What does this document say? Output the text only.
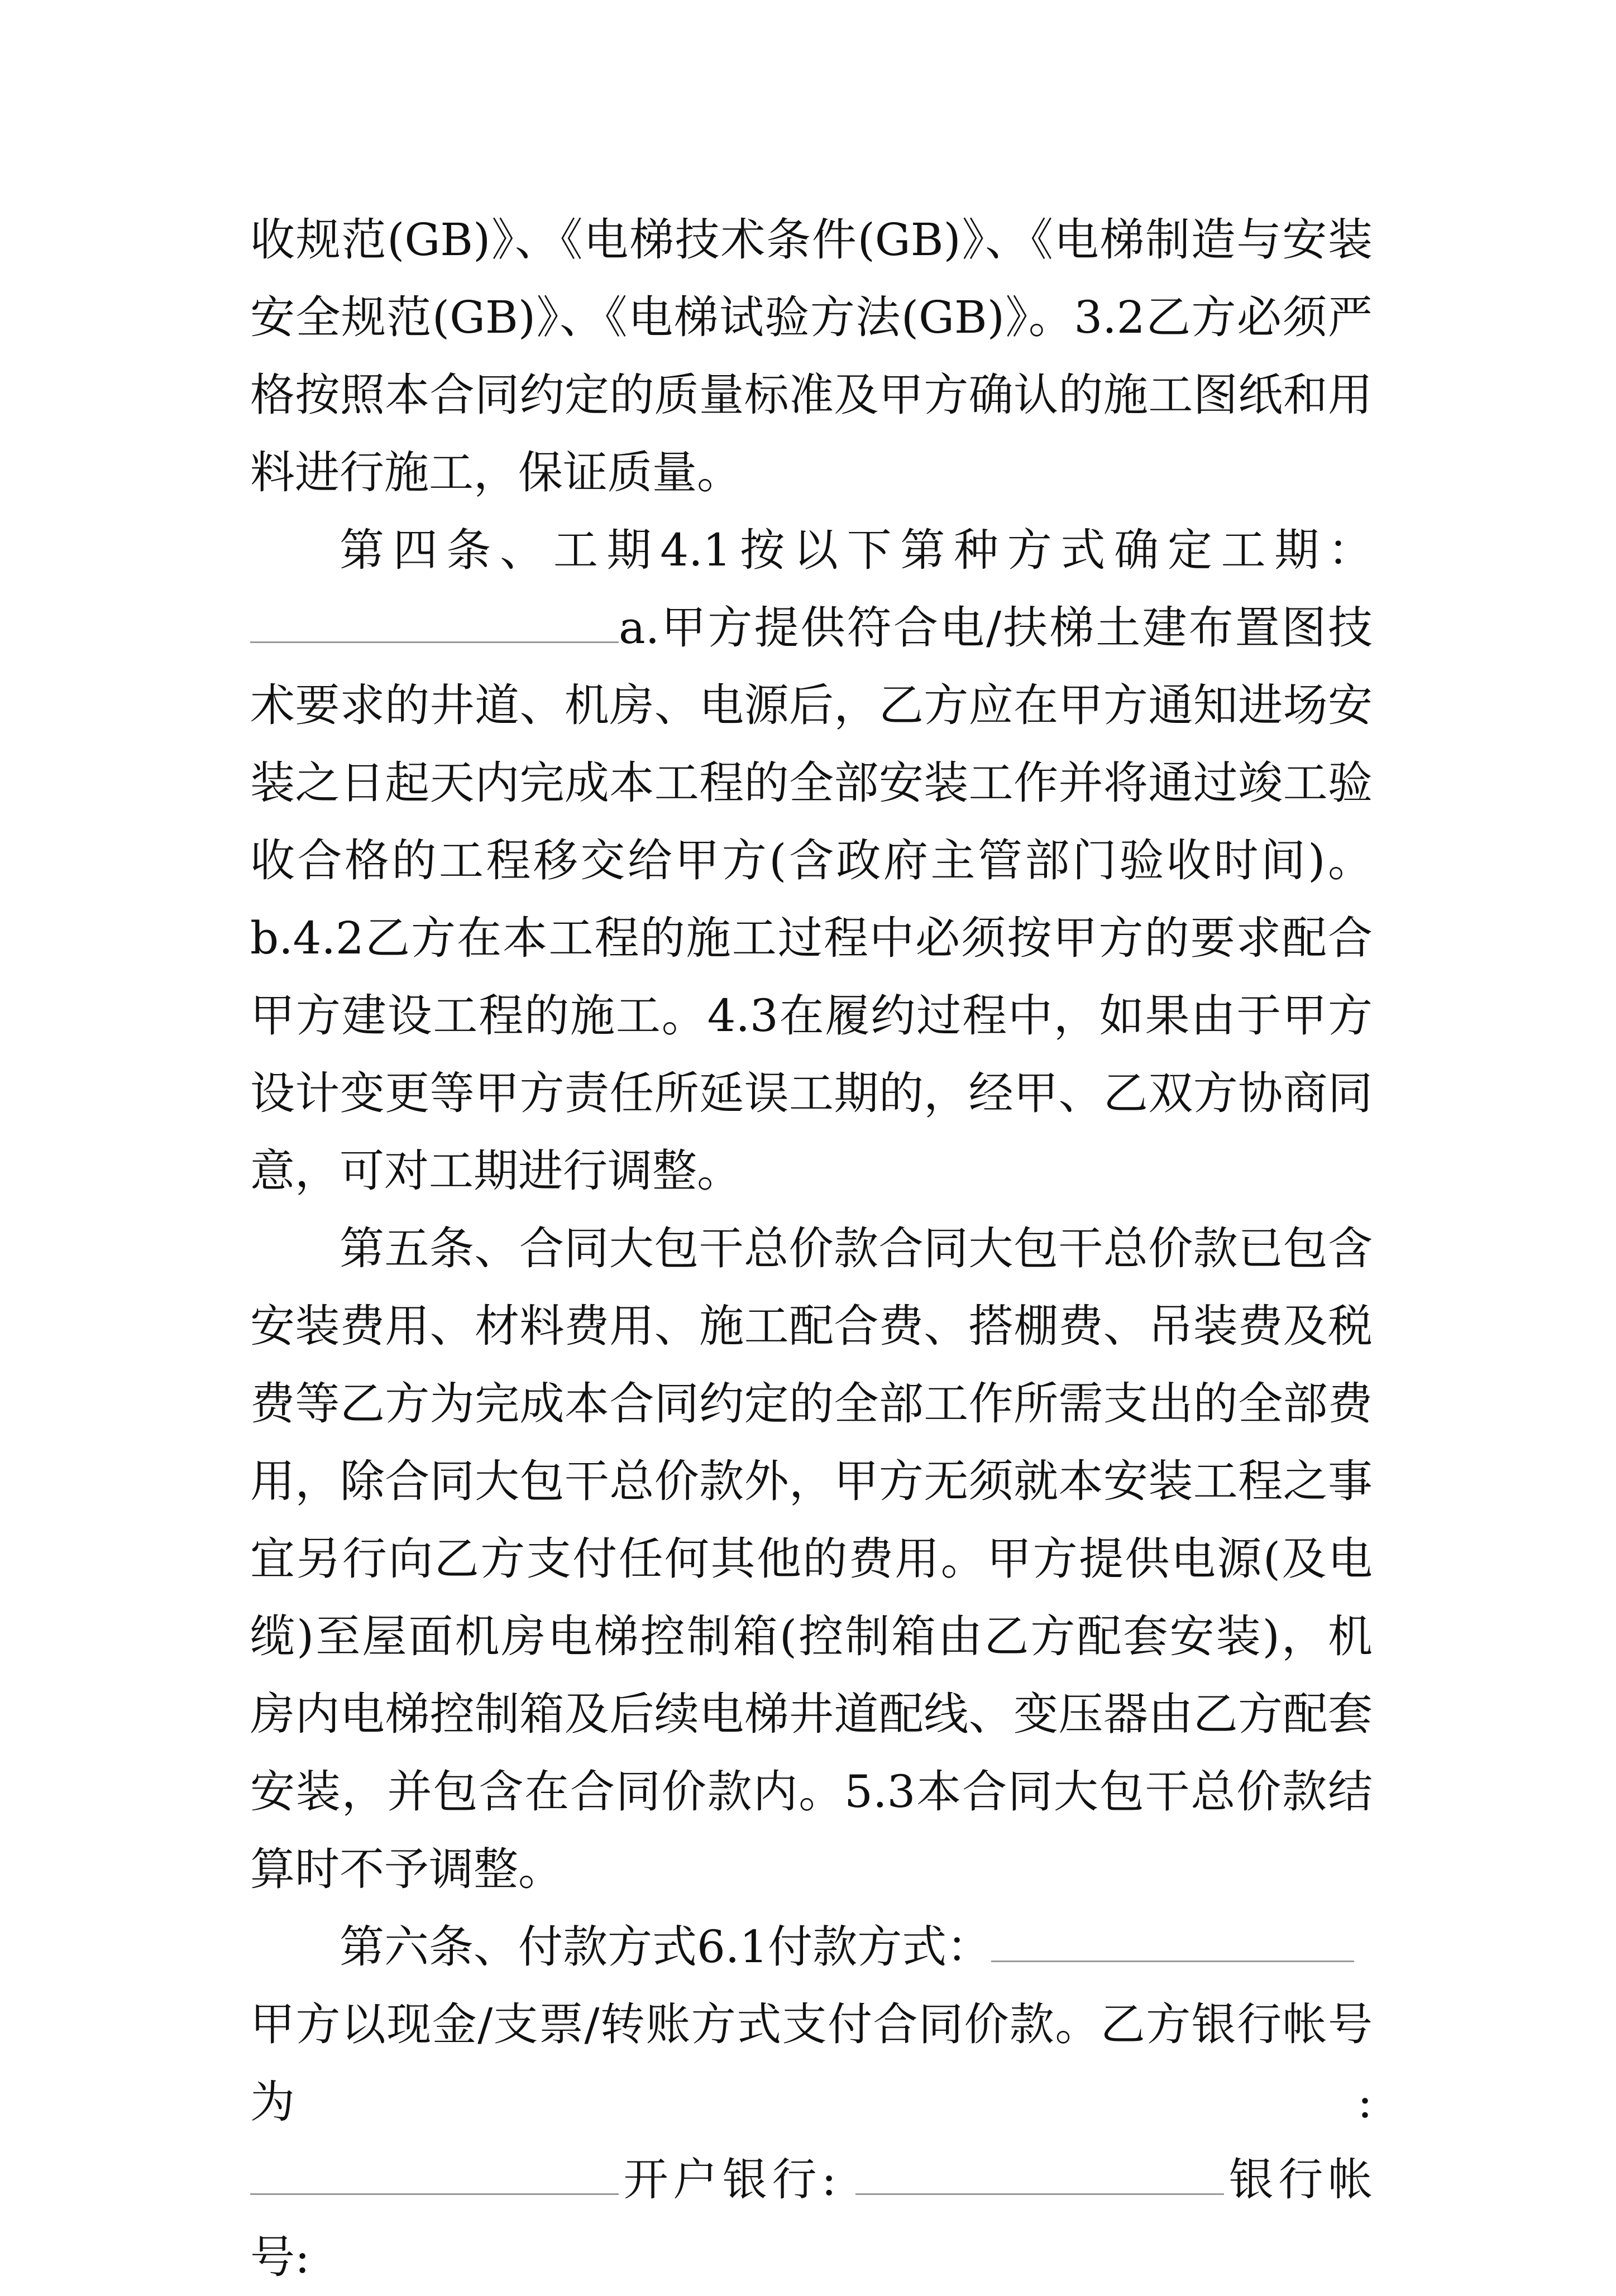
收规范(GB)》、《电梯技术条件(GB)》、《电梯制造与安装安全规范(GB)》、《电梯试验方法(GB)》。3.2乙方必须严格按照本合同约定的质量标准及甲方确认的施工图纸和用料进行施工，保证质量。

第四条、工期4.1按以下第种方式确定工期：
a.甲方提供符合电/扶梯土建布置图技术要求的井道、机房、电源后，乙方应在甲方通知进场安装之日起天内完成本工程的全部安装工作并将通过竣工验收合格的工程移交给甲方(含政府主管部门验收时间)。b.4.2乙方在本工程的施工过程中必须按甲方的要求配合甲方建设工程的施工。4.3在履约过程中，如果由于甲方设计变更等甲方责任所延误工期的，经甲、乙双方协商同意，可对工期进行调整。

第五条、合同大包干总价款合同大包干总价款已包含安装费用、材料费用、施工配合费、搭棚费、吊装费及税费等乙方为完成本合同约定的全部工作所需支出的全部费用，除合同大包干总价款外，甲方无须就本安装工程之事宜另行向乙方支付任何其他的费用。甲方提供电源(及电缆)至屋面机房电梯控制箱(控制箱由乙方配套安装)，机房内电梯控制箱及后续电梯井道配线、变压器由乙方配套安装，并包含在合同价款内。5.3本合同大包干总价款结算时不予调整。

第六条、付款方式6.1付款方式：
甲方以现金/支票/转账方式支付合同价款。乙方银行帐号为:
开户银行:	银行帐号:
